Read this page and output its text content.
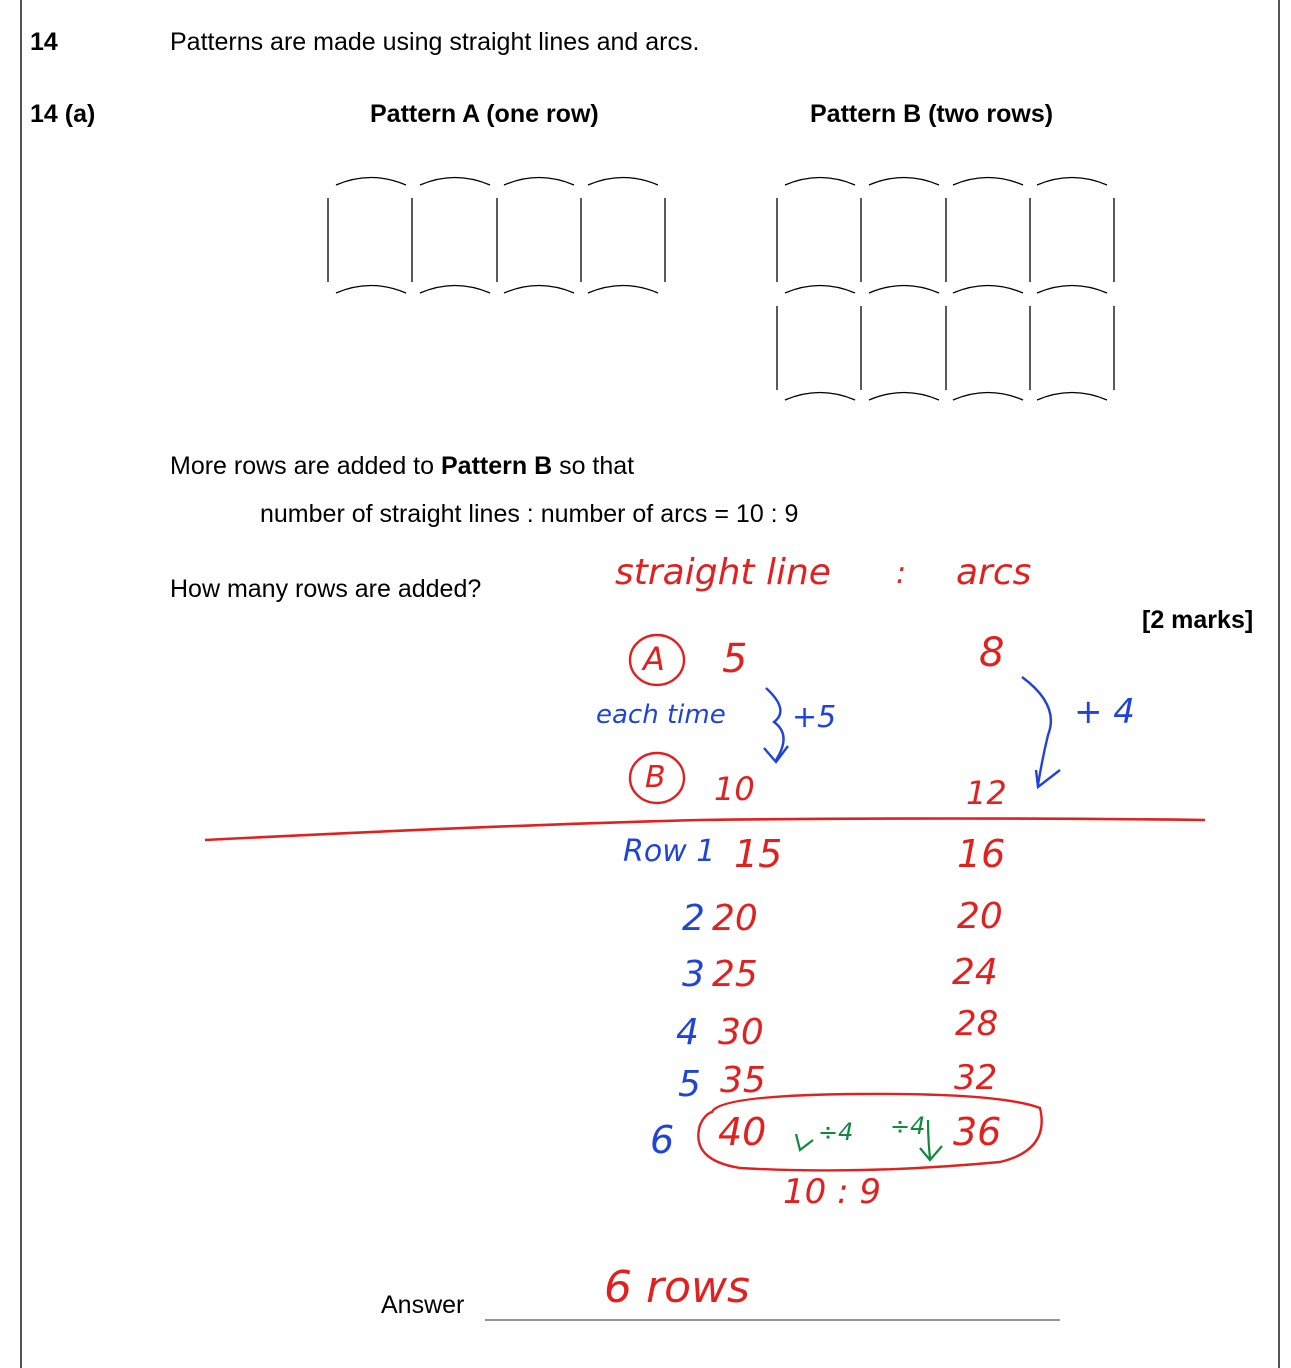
14	Patterns are made using straight lines and arcs.
14 (a)	Pattern A (one row)	Pattern B (two rows)
More rows are added to Pattern B so that
number of straight lines : number of arcs = 10 : 9
How many rows are added?
[2 marks]
Answer
straight line : arcs
A 5	8
each time +5	+ 4
B 10	12
Row 1 15	16
2 20	20
3 25	24
4 30	28
5 35	32
6 40 ÷4 ÷4 36
10 : 9
6 rows
